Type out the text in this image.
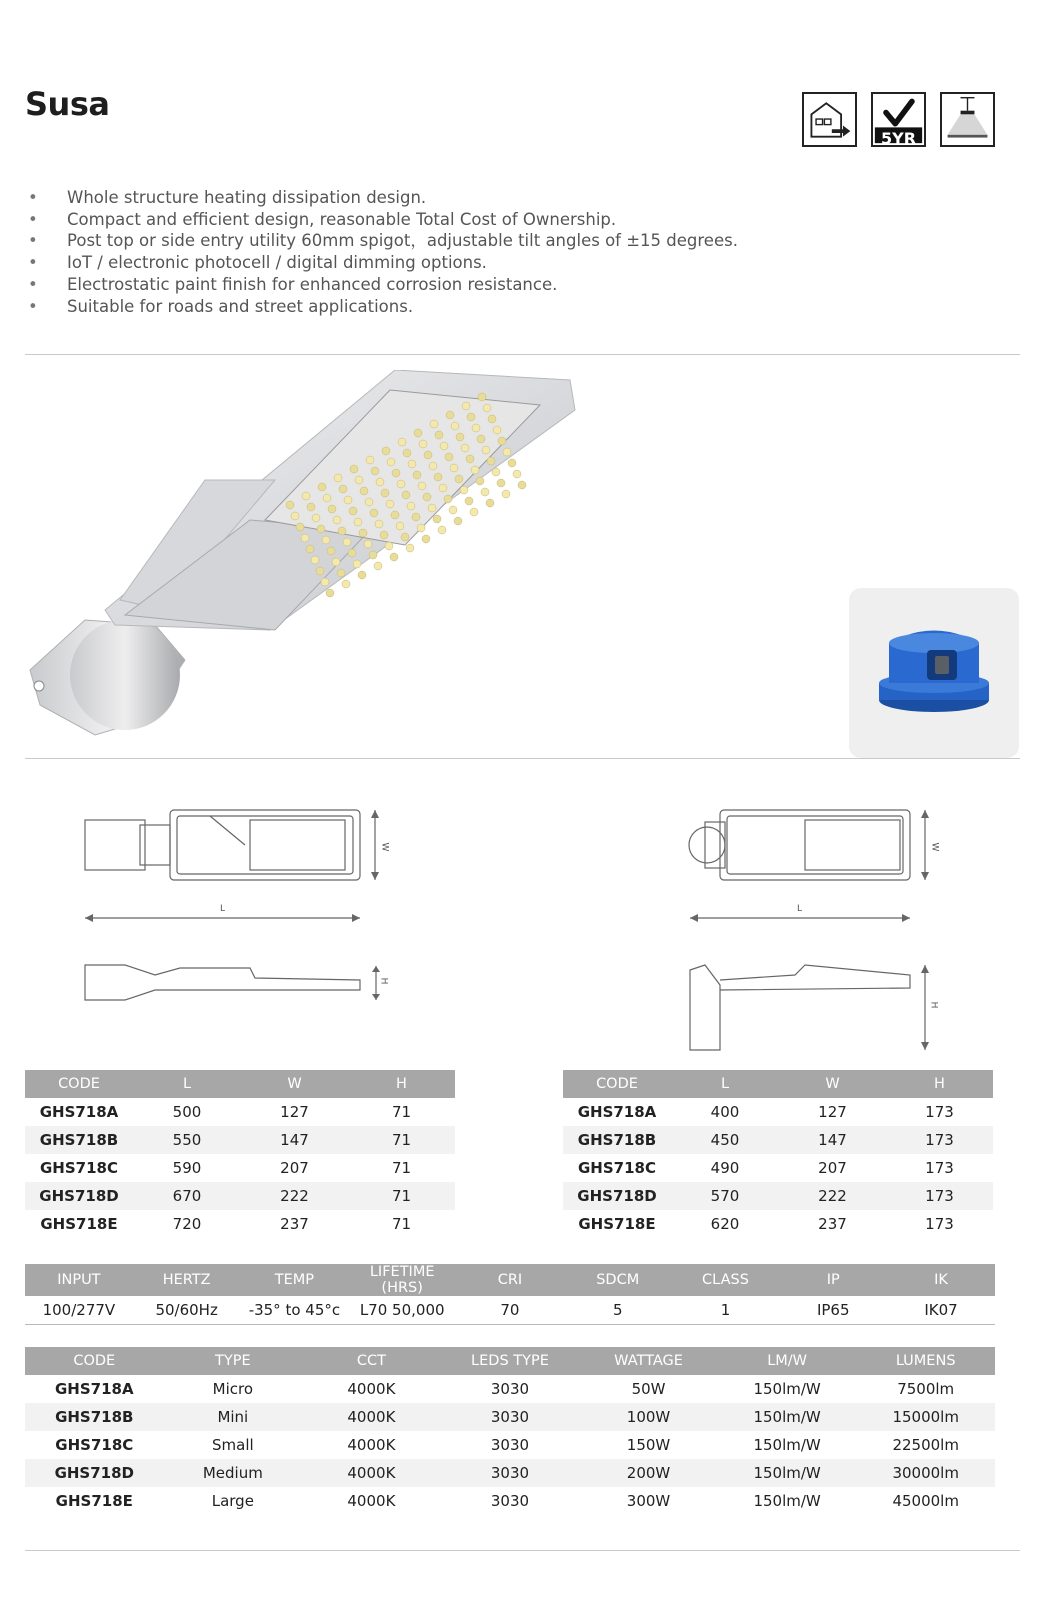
Susa
5YR
• Whole structure heating dissipation design.
• Compact and efficient design, reasonable Total Cost of Ownership.
• Post top or side entry utility 60mm spigot，adjustable tilt angles of ±15 degrees.
• IoT / electronic photocell / digital dimming options.
• Electrostatic paint finish for enhanced corrosion resistance.
• Suitable for roads and street applications.
L
W
H
L
W
H
CODE	L	W	H
GHS718A	500	127	71
GHS718B	550	147	71
GHS718C	590	207	71
GHS718D	670	222	71
GHS718E	720	237	71
CODE	L	W	H
GHS718A	400	127	173
GHS718B	450	147	173
GHS718C	490	207	173
GHS718D	570	222	173
GHS718E	620	237	173
INPUT	HERTZ	TEMP	LIFETIME (HRS)	CRI	SDCM	CLASS	IP	IK
100/277V	50/60Hz	-35° to 45°c	L70 50,000	70	5	1	IP65	IK07
CODE	TYPE	CCT	LEDS TYPE	WATTAGE	LM/W	LUMENS
GHS718A	Micro	4000K	3030	50W	150lm/W	7500lm
GHS718B	Mini	4000K	3030	100W	150lm/W	15000lm
GHS718C	Small	4000K	3030	150W	150lm/W	22500lm
GHS718D	Medium	4000K	3030	200W	150lm/W	30000lm
GHS718E	Large	4000K	3030	300W	150lm/W	45000lm
